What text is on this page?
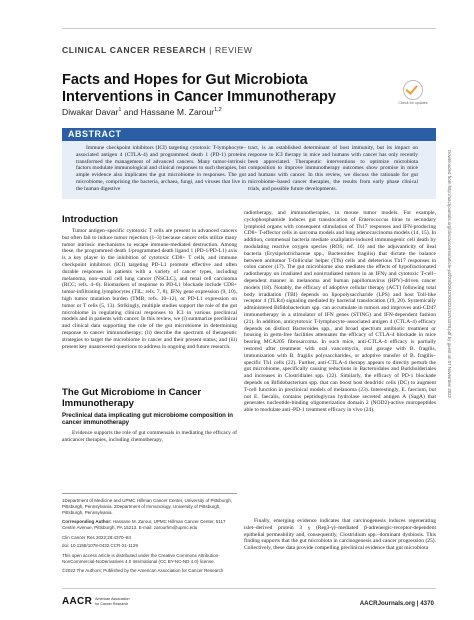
CLINICAL CANCER RESEARCH | REVIEW
Facts and Hopes for Gut Microbiota Interventions in Cancer Immunotherapy
Diwakar Davar$^1$ and Hassane M. Zarour$^{1,2}$
Check for updates
ABSTRACT
Immune checkpoint inhibitors (ICI) targeting cytotoxic T-lymphocyte–associated antigen 4 (CTLA-4) and programmed death 1 (PD-1) proteins transformed the management of advanced cancers. Many tumor-intrinsic factors modulate immunological and clinical responses to such therapies, but ample evidence also implicates the gut microbiome in responses. The gut microbiome, comprising the bacteria, archaea, fungi, and viruses that live in the human digestive
tract, is an established determinant of host immunity, but its impact on response to ICI therapy in mice and humans with cancer has only recently been appreciated. Therapeutic interventions to optimize microbiota composition to improve immunotherapy outcomes show promise in mice and humans with cancer. In this review, we discuss the rationale for gut microbiome–based cancer therapies, the results from early phase clinical trials, and possible future developments.	Downloaded from http://aacrjournals.org/clincancerres/article-pdf/28/20/4370/3224137/4370.pdf by guest on 07 November 2022
Introduction
Tumor antigen–specific cytotoxic T cells are present in advanced cancers but often fail to induce tumor rejection (1–3) because cancer cells utilize many tumor intrinsic mechanisms to escape immune-mediated destruction. Among these, the programmed death 1/programmed death ligand 1 (PD-1/PD-L1) axis is a key player in the inhibition of cytotoxic CD8+ T cells, and immune checkpoint inhibitors (ICI) targeting PD-L1 promote effective and often durable responses in patients with a variety of cancer types, including melanoma, non–small cell lung cancer (NSCLC), and renal cell carcinoma (RCC; refs. 4–6). Biomarkers of response to PD-L1 blockade include CD8+ tumor-infiltrating lymphocytes (TIL; refs. 7, 8), IFNγ gene expression (9, 10), high tumor mutation burden (TMB; refs. 10–12), or PD-L1 expression on tumor or T cells (5, 13). Strikingly, multiple studies support the role of the gut microbiome in regulating clinical responses to ICI in various preclinical models and in patients with cancer. In this review, we (i) summarize preclinical and clinical data supporting the role of the gut microbiome in determining response to cancer immunotherapy; (ii) describe the spectrum of therapeutic strategies to target the microbiome in cancer and their present status; and (iii) present key unanswered questions to address in ongoing and future research.
The Gut Microbiome in Cancer Immunotherapy
Preclinical data implicating gut microbiome composition in cancer immunotherapy
Evidence supports the role of gut commensals in mediating the efficacy of anticancer therapies, including chemotherapy,
1Department of Medicine and UPMC Hillman Cancer Center, University of Pittsburgh, Pittsburgh, Pennsylvania. 2Department of Immunology, University of Pittsburgh, Pittsburgh, Pennsylvania.
Corresponding Author: Hassane M. Zarour, UPMC Hillman Cancer Center, 5117 Centre Avenue, Pittsburgh, PA 15213. E-mail: zarourhm@upmc.edu
Clin Cancer Res 2022;28:4370–84
doi: 10.1158/1078-0432.CCR-21-1129
This open access article is distributed under the Creative Commons Attribution-NonCommercial-NoDerivatives 4.0 International (CC BY-NC-ND 4.0) license.
©2022 The Authors; Published by the American Association for Cancer Research
radiotherapy, and immunotherapies, in mouse tumor models. For example, cyclophosphamide induces gut translocation of Enterococcus hirae to secondary lymphoid organs with consequent stimulation of Th17 responses and IFN-producing CD8+ T-effector cells in sarcoma models and lung adenocarcinoma models (14, 15). In addition, commensal bacteria mediate oxaliplatin-induced immunogenic cell death by modulating reactive oxygen species (ROS; ref. 16) and the adjuvanticity of ileal bacteria (Erysipelotrichaceae spp., Bacteroides fragilis) that dictate the balance between antitumor T-follicular helper (Tfh) cells and deleterious Th17 responses in colon cancer (17). The gut microbiome also mediates the effects of hypofractionated radiotherapy on irradiated and nonirradiated tumors in an IFNγ and cytotoxic T-cell–dependent manner in melanoma and human papillomavirus (HPV)-driven cancer models (18). Notably, the efficacy of adoptive cellular therapy (ACT) following total body irradiation (TBI) depends on lipopolysaccharide (LPS) and host Toll-like receptor 4 (TLR4) signaling mediated by bacterial translocation (19, 20). Systemically administered Bifidobacterium spp. can accumulate in tumors and improves anti-CD47 immunotherapy in a stimulator of IFN genes (STING) and IFN-dependent fashion (21). In addition, anticytotoxic T-lymphocyte–associated antigen 4 (CTLA-4) efficacy depends on distinct Bacteroides spp., and broad spectrum antibiotic treatment or housing in germ-free facilities attenuates the efficacy of CTLA-4 blockade in mice bearing MCA205 fibrosarcoma. In such mice, anti-CTLA-4 efficacy is partially restored after treatment with oral vancomycin, oral gavage with B. fragilis, immunization with B. fragilis polysaccharides, or adoptive transfer of B. fragilis–specific Th1 cells (22). Further, anti-CTLA-4 therapy appears to directly perturb the gut microbiome, specifically causing reductions in Bacteroidales and Burkholderiales and increases in Clostridiales spp. (22). Similarly, the efficacy of PD-1 blockade depends on Bifidobacterium spp. that can boost host dendritic cells (DC) to augment T-cell function in preclinical models of melanoma (23). Interestingly, E. faecium, but not E. faecalis, contains peptidoglycan hydrolase secreted antigen A (SagA) that generates nucleotide-binding oligomerization domain 2 (NOD2)-active muropeptides able to modulate anti–PD-1 treatment efficacy in vivo (24).
Finally, emerging evidence indicates that carcinogenesis induces regenerating islet–derived protein 3 γ (Reg3-γ)–mediated β-adrenergic-receptor-dependent epithelial permeability and, consequently, Clostridium spp.–dominant dysbiosis. This finding supports that the gut microbiota in carcinogenesis and cancer progression (25). Collectively, these data provide compelling preclinical evidence that gut microbiota
AACR American Association
for Cancer Research	AACRJournals.org | 4370
